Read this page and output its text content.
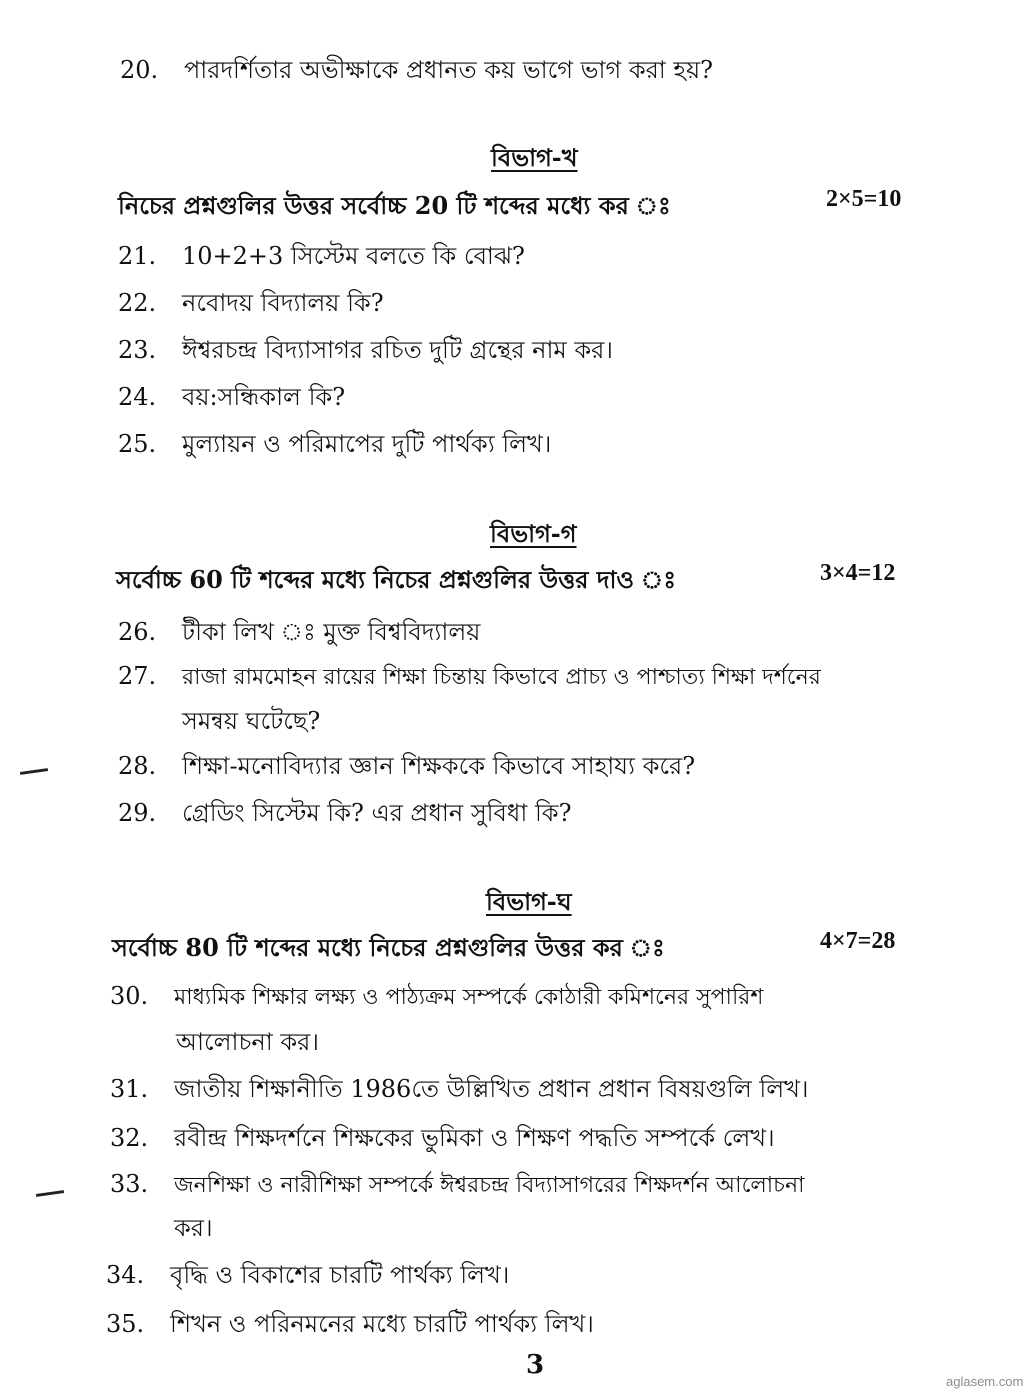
20. পারদর্শিতার অভীক্ষাকে প্রধানত কয় ভাগে ভাগ করা হয়?
বিভাগ-খ
নিচের প্রশ্নগুলির উত্তর সর্বোচ্চ 20 টি শব্দের মধ্যে কর ঃ	2×5=10
21. 10+2+3 সিস্টেম বলতে কি বোঝ?
22. নবোদয় বিদ্যালয় কি?
23. ঈশ্বরচন্দ্র বিদ্যাসাগর রচিত দুটি গ্রন্থের নাম কর।
24. বয়:সন্ধিকাল কি?
25. মুল্যায়ন ও পরিমাপের দুটি পার্থক্য লিখ।
বিভাগ-গ
সর্বোচ্চ 60 টি শব্দের মধ্যে নিচের প্রশ্নগুলির উত্তর দাও ঃ	3×4=12
26. টীকা লিখ ঃ মুক্ত বিশ্ববিদ্যালয়
27. রাজা রামমোহন রায়ের শিক্ষা চিন্তায় কিভাবে প্রাচ্য ও পাশ্চাত্য শিক্ষা দর্শনের
সমন্বয় ঘটেছে?
28. শিক্ষা-মনোবিদ্যার জ্ঞান শিক্ষককে কিভাবে সাহায্য করে?
29. গ্রেডিং সিস্টেম কি? এর প্রধান সুবিধা কি?
বিভাগ-ঘ
সর্বোচ্চ 80 টি শব্দের মধ্যে নিচের প্রশ্নগুলির উত্তর কর ঃ	4×7=28
30. মাধ্যমিক শিক্ষার লক্ষ্য ও পাঠ্যক্রম সম্পর্কে কোঠারী কমিশনের সুপারিশ
আলোচনা কর।
31. জাতীয় শিক্ষানীতি 1986তে উল্লিখিত প্রধান প্রধান বিষয়গুলি লিখ।
32. রবীন্দ্র শিক্ষদর্শনে শিক্ষকের ভুমিকা ও শিক্ষণ পদ্ধতি সম্পর্কে লেখ।
33. জনশিক্ষা ও নারীশিক্ষা সম্পর্কে ঈশ্বরচন্দ্র বিদ্যাসাগরের শিক্ষদর্শন আলোচনা
কর।
34. বৃদ্ধি ও বিকাশের চারটি পার্থক্য লিখ।
35. শিখন ও পরিনমনের মধ্যে চারটি পার্থক্য লিখ।
3
aglasem.com
